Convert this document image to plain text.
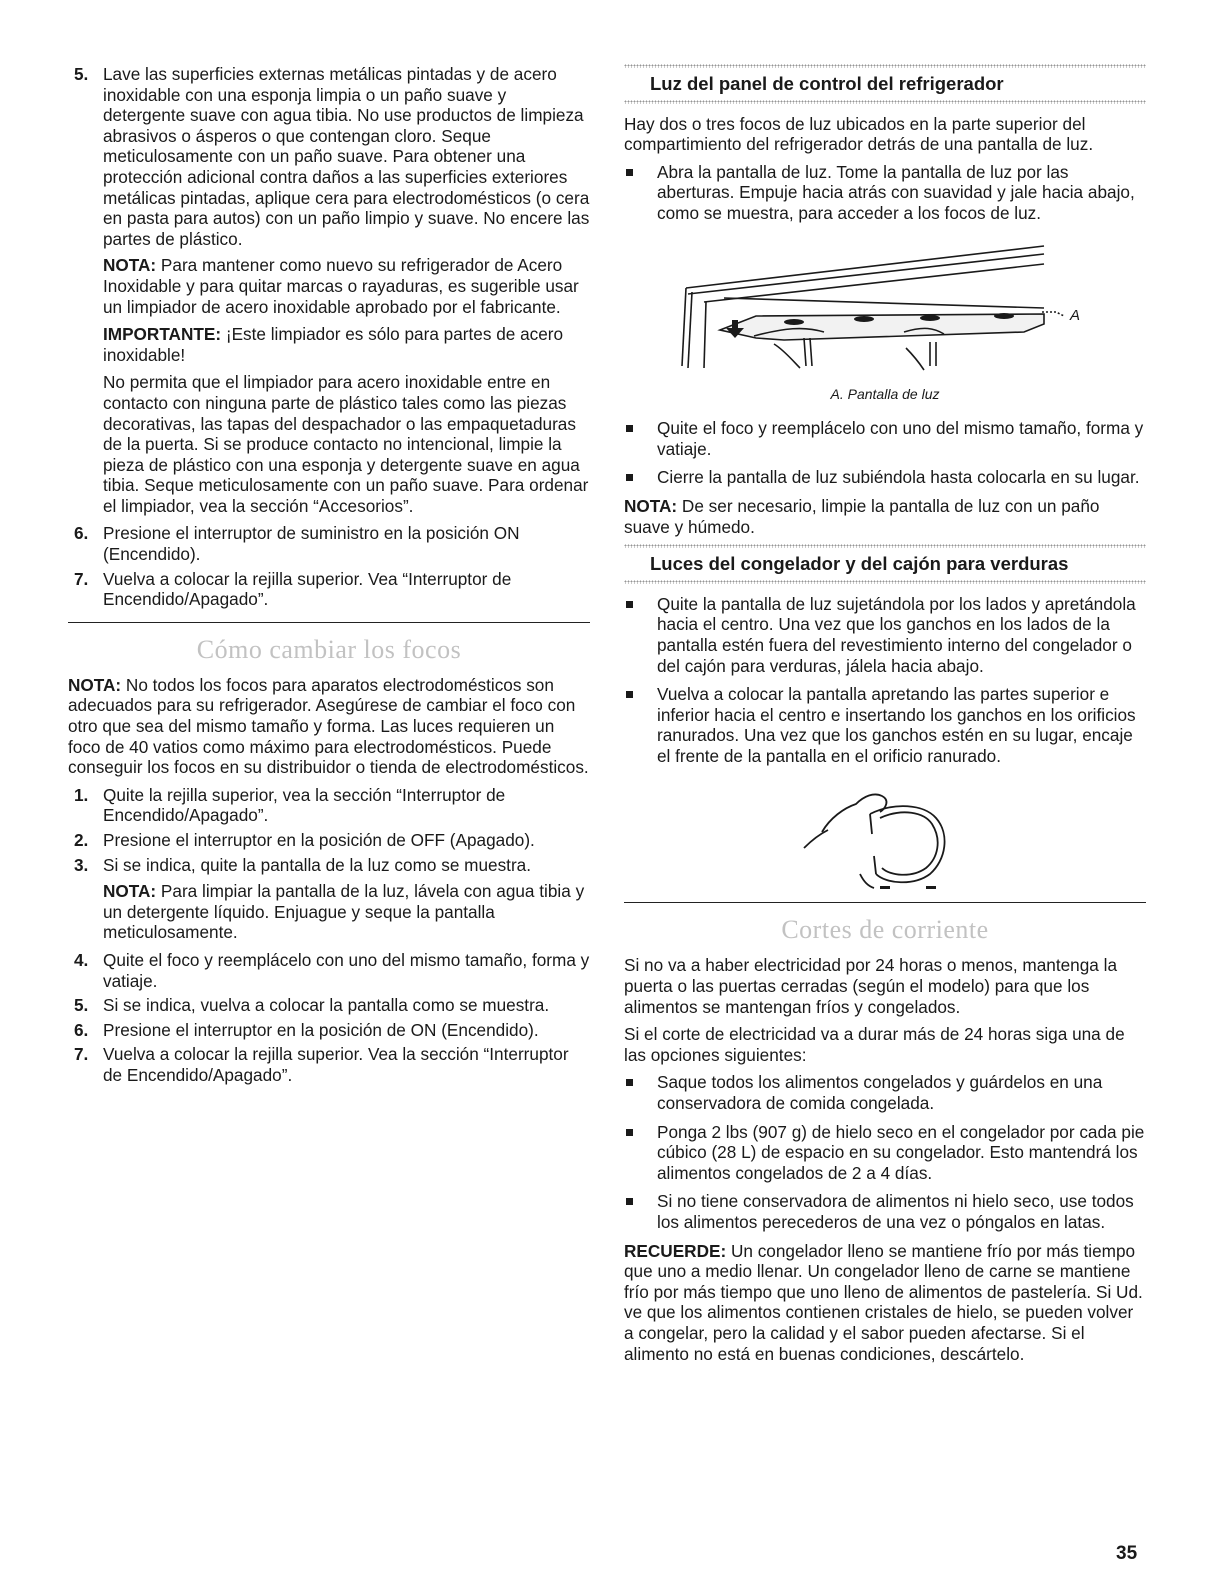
5. Lave las superficies externas metálicas pintadas y de acero inoxidable con una esponja limpia o un paño suave y detergente suave con agua tibia. No use productos de limpieza abrasivos o ásperos o que contengan cloro. Seque meticulosamente con un paño suave. Para obtener una protección adicional contra daños a las superficies exteriores metálicas pintadas, aplique cera para electrodomésticos (o cera en pasta para autos) con un paño limpio y suave. No encere las partes de plástico.

NOTA: Para mantener como nuevo su refrigerador de Acero Inoxidable y para quitar marcas o rayaduras, es sugerible usar un limpiador de acero inoxidable aprobado por el fabricante.

IMPORTANTE: ¡Este limpiador es sólo para partes de acero inoxidable!

No permita que el limpiador para acero inoxidable entre en contacto con ninguna parte de plástico tales como las piezas decorativas, las tapas del despachador o las empaquetaduras de la puerta. Si se produce contacto no intencional, limpie la pieza de plástico con una esponja y detergente suave en agua tibia. Seque meticulosamente con un paño suave. Para ordenar el limpiador, vea la sección “Accesorios”.

6. Presione el interruptor de suministro en la posición ON (Encendido).
7. Vuelva a colocar la rejilla superior. Vea “Interruptor de Encendido/Apagado”.
Cómo cambiar los focos

NOTA: No todos los focos para aparatos electrodomésticos son adecuados para su refrigerador. Asegúrese de cambiar el foco con otro que sea del mismo tamaño y forma. Las luces requieren un foco de 40 vatios como máximo para electrodomésticos. Puede conseguir los focos en su distribuidor o tienda de electrodomésticos.

1. Quite la rejilla superior, vea la sección “Interruptor de Encendido/Apagado”.
2. Presione el interruptor en la posición de OFF (Apagado).
3. Si se indica, quite la pantalla de la luz como se muestra.

NOTA: Para limpiar la pantalla de la luz, lávela con agua tibia y un detergente líquido. Enjuague y seque la pantalla meticulosamente.

4. Quite el foco y reemplácelo con uno del mismo tamaño, forma y vatiaje.
5. Si se indica, vuelva a colocar la pantalla como se muestra.
6. Presione el interruptor en la posición de ON (Encendido).
7. Vuelva a colocar la rejilla superior. Vea la sección “Interruptor de Encendido/Apagado”.
Luz del panel de control del refrigerador

Hay dos o tres focos de luz ubicados en la parte superior del compartimiento del refrigerador detrás de una pantalla de luz.

Abra la pantalla de luz. Tome la pantalla de luz por las aberturas. Empuje hacia atrás con suavidad y jale hacia abajo, como se muestra, para acceder a los focos de luz.
A
A. Pantalla de luz
Quite el foco y reemplácelo con uno del mismo tamaño, forma y vatiaje.
Cierre la pantalla de luz subiéndola hasta colocarla en su lugar.

NOTA: De ser necesario, limpie la pantalla de luz con un paño suave y húmedo.

Luces del congelador y del cajón para verduras
Quite la pantalla de luz sujetándola por los lados y apretándola hacia el centro. Una vez que los ganchos en los lados de la pantalla estén fuera del revestimiento interno del congelador o del cajón para verduras, jálela hacia abajo.
Vuelva a colocar la pantalla apretando las partes superior e inferior hacia el centro e insertando los ganchos en los orificios ranurados. Una vez que los ganchos estén en su lugar, encaje el frente de la pantalla en el orificio ranurado.
Cortes de corriente

Si no va a haber electricidad por 24 horas o menos, mantenga la puerta o las puertas cerradas (según el modelo) para que los alimentos se mantengan fríos y congelados.

Si el corte de electricidad va a durar más de 24 horas siga una de las opciones siguientes:

Saque todos los alimentos congelados y guárdelos en una conservadora de comida congelada.
Ponga 2 lbs (907 g) de hielo seco en el congelador por cada pie cúbico (28 L) de espacio en su congelador. Esto mantendrá los alimentos congelados de 2 a 4 días.
Si no tiene conservadora de alimentos ni hielo seco, use todos los alimentos perecederos de una vez o póngalos en latas.

RECUERDE: Un congelador lleno se mantiene frío por más tiempo que uno a medio llenar. Un congelador lleno de carne se mantiene frío por más tiempo que uno lleno de alimentos de pastelería. Si Ud. ve que los alimentos contienen cristales de hielo, se pueden volver a congelar, pero la calidad y el sabor pueden afectarse. Si el alimento no está en buenas condiciones, descártelo.

35
